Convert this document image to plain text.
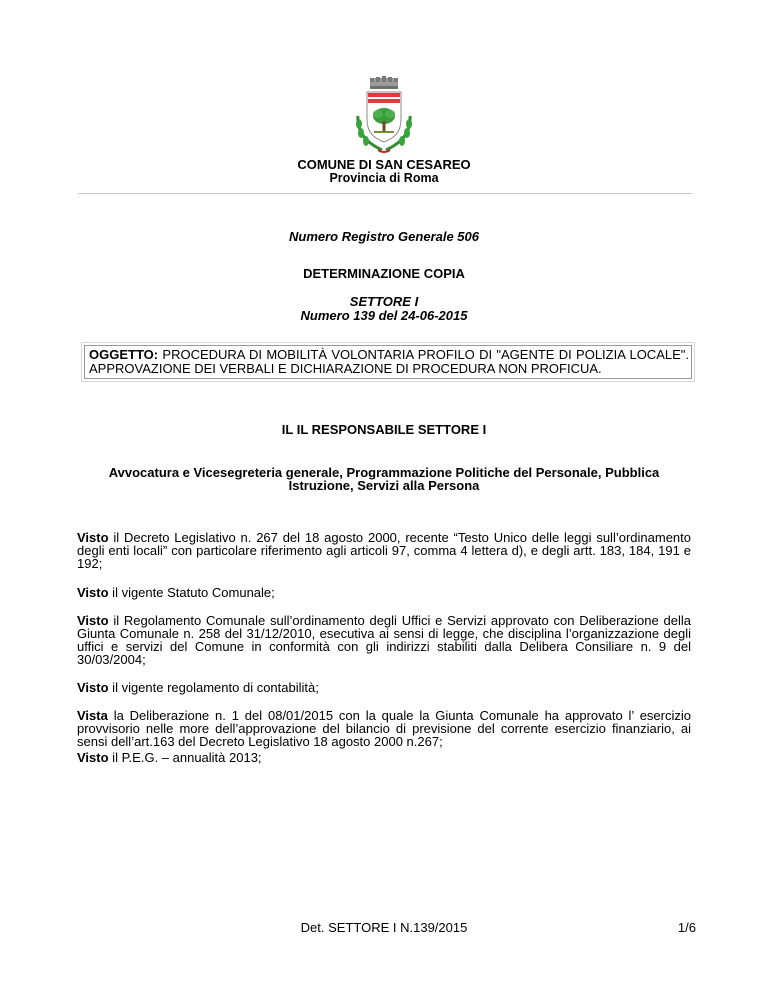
COMUNE DI SAN CESAREO
Provincia di Roma
Numero Registro Generale 506
DETERMINAZIONE COPIA
SETTORE I
Numero 139 del 24-06-2015
OGGETTO: PROCEDURA DI MOBILITÀ VOLONTARIA PROFILO DI "AGENTE DI POLIZIA LOCALE". APPROVAZIONE DEI VERBALI E DICHIARAZIONE DI PROCEDURA NON PROFICUA.
IL IL RESPONSABILE SETTORE I
Avvocatura e Vicesegreteria generale, Programmazione Politiche del Personale, Pubblica Istruzione, Servizi alla Persona
Visto il Decreto Legislativo n. 267 del 18 agosto 2000, recente “Testo Unico delle leggi sull’ordinamento degli enti locali” con particolare riferimento agli articoli 97, comma 4 lettera d), e degli artt. 183, 184, 191 e 192;
Visto il vigente Statuto Comunale;
Visto il Regolamento Comunale sull’ordinamento degli Uffici e Servizi approvato con Deliberazione della Giunta Comunale n. 258 del 31/12/2010, esecutiva ai sensi di legge, che disciplina l’organizzazione degli uffici e servizi del Comune in conformità con gli indirizzi stabiliti dalla Delibera Consiliare n. 9 del 30/03/2004;
Visto il vigente regolamento di contabilità;
Vista la Deliberazione n. 1 del 08/01/2015 con la quale la Giunta Comunale ha approvato l’ esercizio provvisorio nelle more dell’approvazione del bilancio di previsione del corrente esercizio finanziario, ai sensi dell’art.163 del Decreto Legislativo 18 agosto 2000 n.267;
Visto il P.E.G. – annualità 2013;
Det. SETTORE I N.139/2015	1/6
